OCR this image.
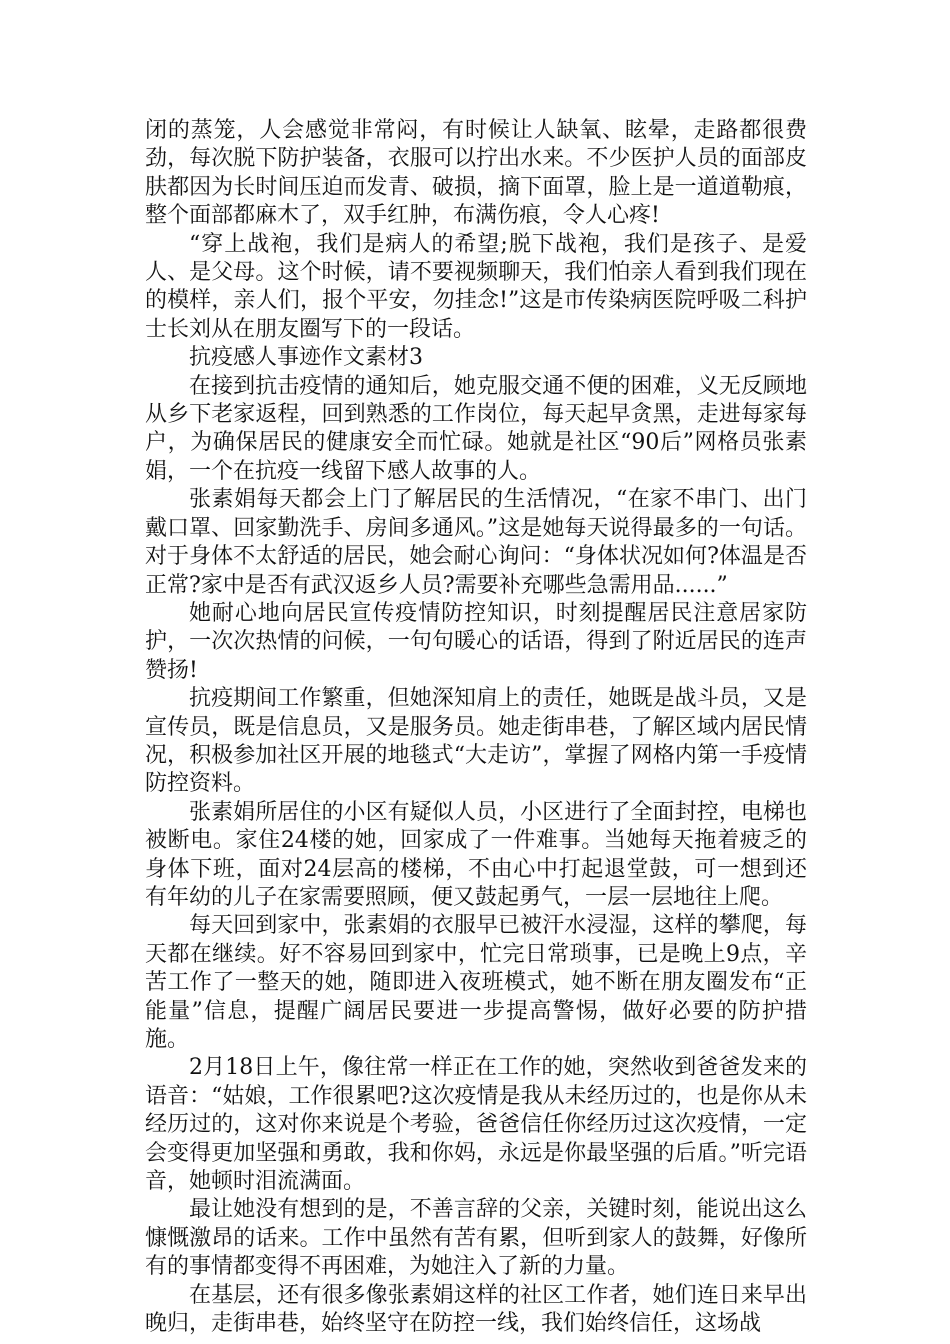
闭的蒸笼，人会感觉非常闷，有时候让人缺氧、眩晕，走路都很费劲，每次脱下防护装备，衣服可以拧出水来。不少医护人员的面部皮肤都因为长时间压迫而发青、破损，摘下面罩，脸上是一道道勒痕，整个面部都麻木了，双手红肿，布满伤痕，令人心疼!

“穿上战袍，我们是病人的希望;脱下战袍，我们是孩子、是爱人、是父母。这个时候，请不要视频聊天，我们怕亲人看到我们现在的模样，亲人们，报个平安，勿挂念!”这是市传染病医院呼吸二科护士长刘从在朋友圈写下的一段话。

抗疫感人事迹作文素材3

在接到抗击疫情的通知后，她克服交通不便的困难，义无反顾地从乡下老家返程，回到熟悉的工作岗位，每天起早贪黑，走进每家每户，为确保居民的健康安全而忙碌。她就是社区“90后”网格员张素娟，一个在抗疫一线留下感人故事的人。

张素娟每天都会上门了解居民的生活情况，“在家不串门、出门戴口罩、回家勤洗手、房间多通风。”这是她每天说得最多的一句话。对于身体不太舒适的居民，她会耐心询问：“身体状况如何?体温是否正常?家中是否有武汉返乡人员?需要补充哪些急需用品......”

她耐心地向居民宣传疫情防控知识，时刻提醒居民注意居家防护，一次次热情的问候，一句句暖心的话语，得到了附近居民的连声赞扬!

抗疫期间工作繁重，但她深知肩上的责任，她既是战斗员，又是宣传员，既是信息员，又是服务员。她走街串巷，了解区域内居民情况，积极参加社区开展的地毯式“大走访”，掌握了网格内第一手疫情防控资料。

张素娟所居住的小区有疑似人员，小区进行了全面封控，电梯也被断电。家住24楼的她，回家成了一件难事。当她每天拖着疲乏的身体下班，面对24层高的楼梯，不由心中打起退堂鼓，可一想到还有年幼的儿子在家需要照顾，便又鼓起勇气，一层一层地往上爬。

每天回到家中，张素娟的衣服早已被汗水浸湿，这样的攀爬，每天都在继续。好不容易回到家中，忙完日常琐事，已是晚上9点，辛苦工作了一整天的她，随即进入夜班模式，她不断在朋友圈发布“正能量”信息，提醒广阔居民要进一步提高警惕，做好必要的防护措施。

2月18日上午，像往常一样正在工作的她，突然收到爸爸发来的语音：“姑娘，工作很累吧?这次疫情是我从未经历过的，也是你从未经历过的，这对你来说是个考验，爸爸信任你经历过这次疫情，一定会变得更加坚强和勇敢，我和你妈，永远是你最坚强的后盾。”听完语音，她顿时泪流满面。

最让她没有想到的是，不善言辞的父亲，关键时刻，能说出这么慷慨激昂的话来。工作中虽然有苦有累，但听到家人的鼓舞，好像所有的事情都变得不再困难，为她注入了新的力量。

在基层，还有很多像张素娟这样的社区工作者，她们连日来早出晚归，走街串巷，始终坚守在防控一线，我们始终信任，这场战
